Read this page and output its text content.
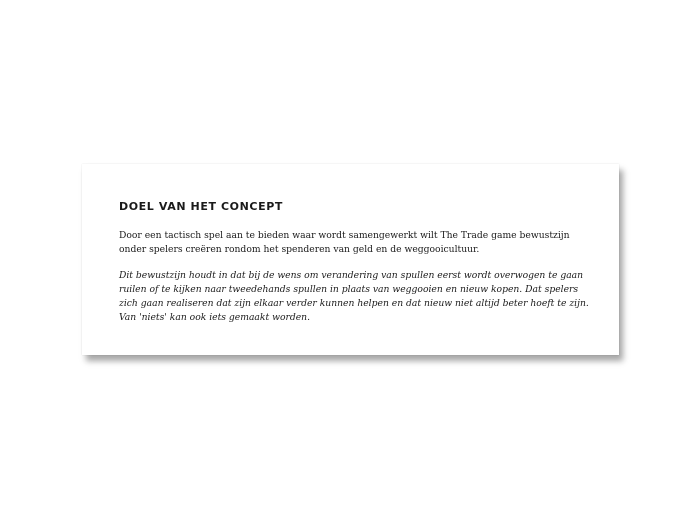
DOEL VAN HET CONCEPT

Door een tactisch spel aan te bieden waar wordt samengewerkt wilt The Trade game bewustzijn onder spelers creëren rondom het spenderen van geld en de weggooicultuur.

Dit bewustzijn houdt in dat bij de wens om verandering van spullen eerst wordt overwogen te gaan ruilen of te kijken naar tweedehands spullen in plaats van weggooien en nieuw kopen. Dat spelers zich gaan realiseren dat zijn elkaar verder kunnen helpen en dat nieuw niet altijd beter hoeft te zijn. Van 'niets' kan ook iets gemaakt worden.
